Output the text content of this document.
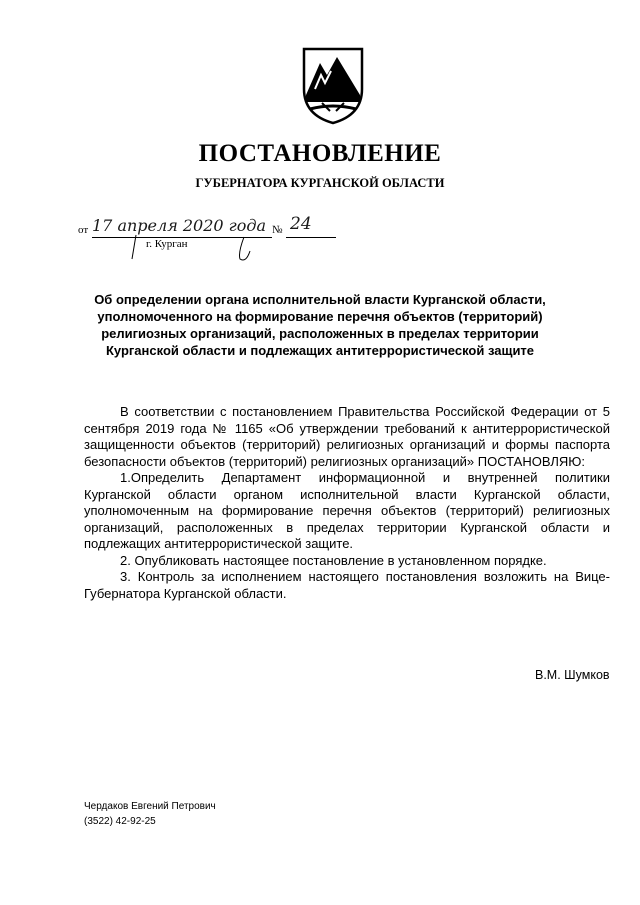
ПОСТАНОВЛЕНИЕ
ГУБЕРНАТОРА КУРГАНСКОЙ ОБЛАСТИ
от 17 апреля 2020 года № 24
г. Курган
Об определении органа исполнительной власти Курганской области,
уполномоченного на формирование перечня объектов (территорий)
религиозных организаций, расположенных в пределах территории
Курганской области и подлежащих антитеррористической защите

В соответствии с постановлением Правительства Российской Федерации от 5 сентября 2019 года № 1165 «Об утверждении требований к антитеррористической защищенности объектов (территорий) религиозных организаций и формы паспорта безопасности объектов (территорий) религиозных организаций» ПОСТАНОВЛЯЮ:

1.Определить Департамент информационной и внутренней политики Курганской области органом исполнительной власти Курганской области, уполномоченным на формирование перечня объектов (территорий) религиозных организаций, расположенных в пределах территории Курганской области и подлежащих антитеррористической защите.

2. Опубликовать настоящее постановление в установленном порядке.

3. Контроль за исполнением настоящего постановления возложить на Вице-Губернатора Курганской области.

В.М. Шумков
Чердаков Евгений Петрович
(3522) 42-92-25
